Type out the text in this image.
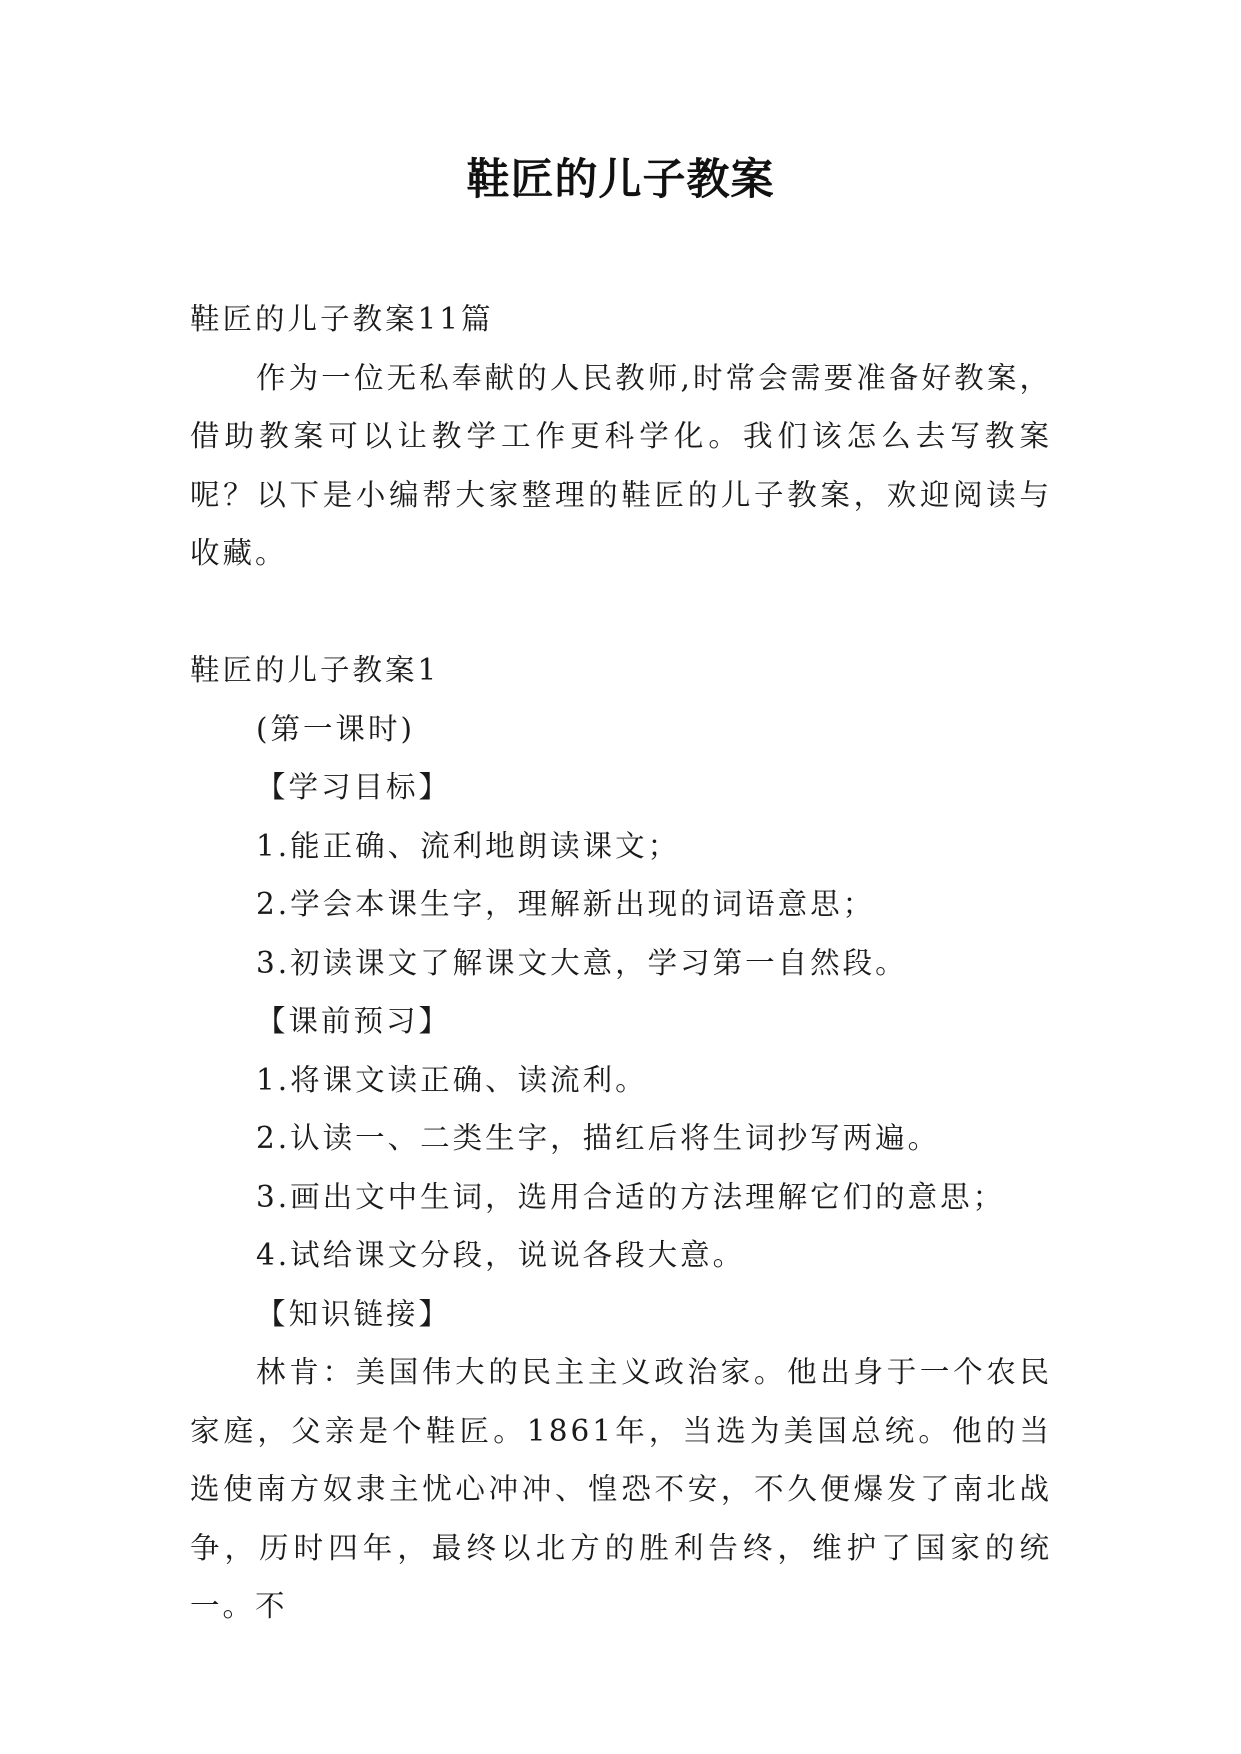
鞋匠的儿子教案

鞋匠的儿子教案11篇

作为一位无私奉献的人民教师,时常会需要准备好教案，借助教案可以让教学工作更科学化。我们该怎么去写教案呢？以下是小编帮大家整理的鞋匠的儿子教案，欢迎阅读与收藏。

鞋匠的儿子教案1

(第一课时)

【学习目标】

1.能正确、流利地朗读课文；

2.学会本课生字，理解新出现的词语意思；

3.初读课文了解课文大意，学习第一自然段。

【课前预习】

1.将课文读正确、读流利。

2.认读一、二类生字，描红后将生词抄写两遍。

3.画出文中生词，选用合适的方法理解它们的意思；

4.试给课文分段，说说各段大意。

【知识链接】

林肯：美国伟大的民主主义政治家。他出身于一个农民家庭，父亲是个鞋匠。1861年，当选为美国总统。他的当选使南方奴隶主忧心冲冲、惶恐不安，不久便爆发了南北战争，历时四年，最终以北方的胜利告终，维护了国家的统一。不
